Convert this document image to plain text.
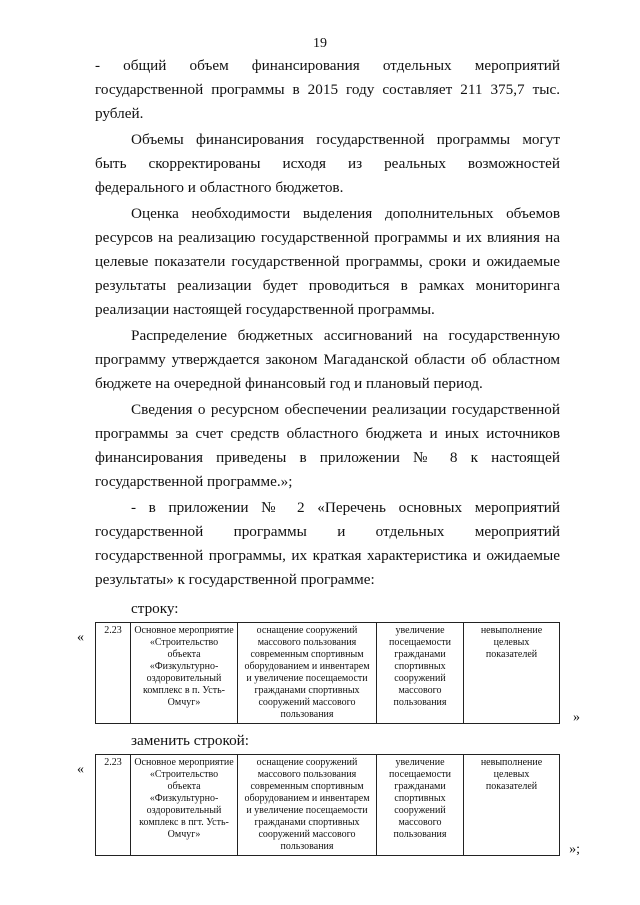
19

- общий объем финансирования отдельных мероприятий государственной программы в 2015 году составляет 211 375,7 тыс. рублей.

Объемы финансирования государственной программы могут быть скорректированы исходя из реальных возможностей федерального и областного бюджетов.

Оценка необходимости выделения дополнительных объемов ресурсов на реализацию государственной программы и их влияния на целевые показатели государственной программы, сроки и ожидаемые результаты реализации будет проводиться в рамках мониторинга реализации настоящей государственной программы.

Распределение бюджетных ассигнований на государственную программу утверждается законом Магаданской области об областном бюджете на очередной финансовый год и плановый период.

Сведения о ресурсном обеспечении реализации государственной программы за счет средств областного бюджета и иных источников финансирования приведены в приложении № 8 к настоящей государственной программе.»;

- в приложении № 2 «Перечень основных мероприятий государственной программы и отдельных мероприятий государственной программы, их краткая характеристика и ожидаемые результаты» к государственной программе:

строку:
« 2.23	Основное мероприятие «Строительство объекта «Физкультурно-оздоровительный комплекс в п. Усть-Омчуг»	оснащение сооружений массового пользования современным спортивным оборудованием и инвентарем и увеличение посещаемости гражданами спортивных сооружений массового пользования	увеличение посещаемости гражданами спортивных сооружений массового пользования	невыполнение целевых показателей
»
заменить строкой:
« 2.23	Основное мероприятие «Строительство объекта «Физкультурно-оздоровительный комплекс в пгт. Усть-Омчуг»	оснащение сооружений массового пользования современным спортивным оборудованием и инвентарем и увеличение посещаемости гражданами спортивных сооружений массового пользования	увеличение посещаемости гражданами спортивных сооружений массового пользования	невыполнение целевых показателей
»;
